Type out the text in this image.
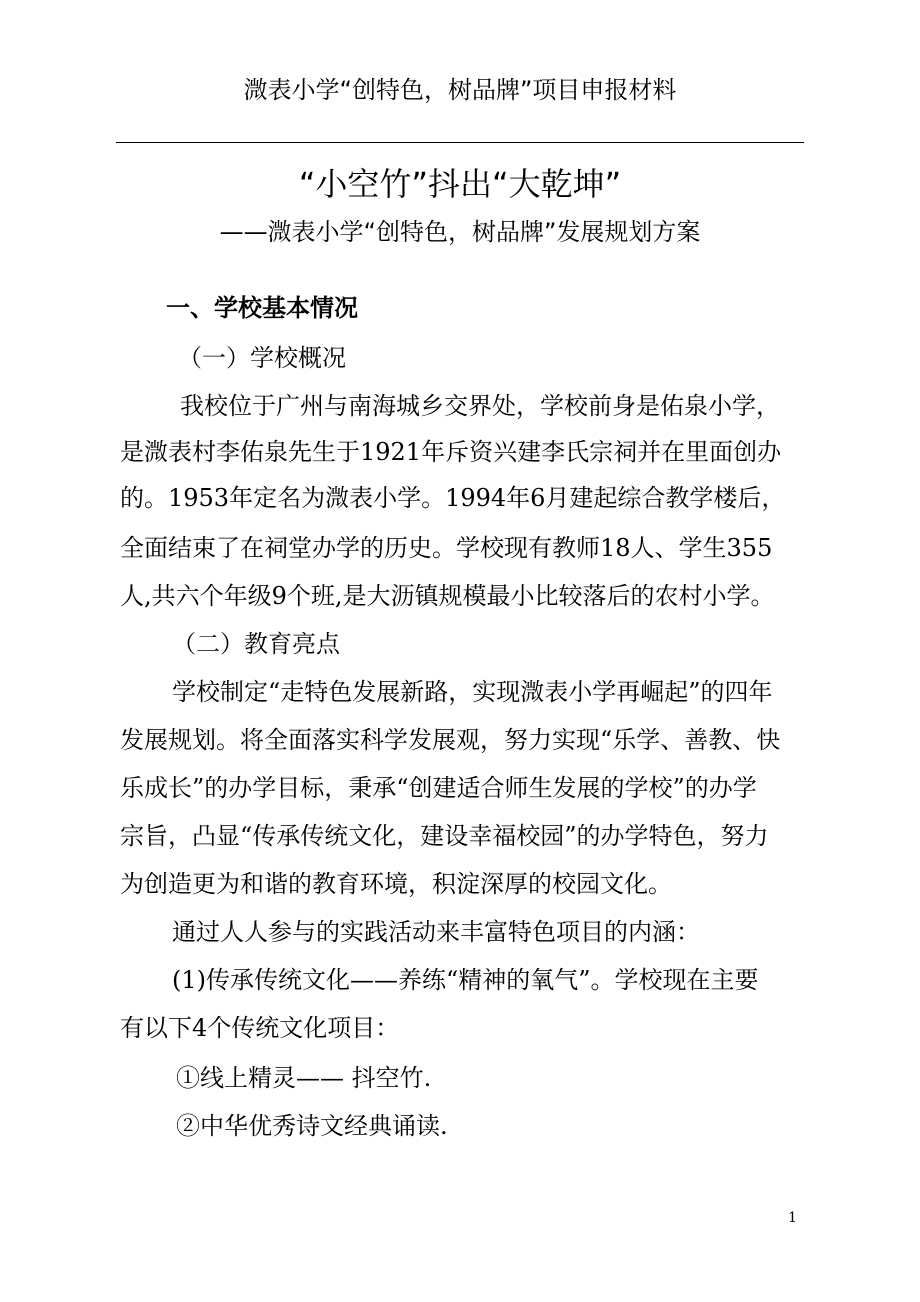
溦表小学“创特色，树品牌”项目申报材料
“小空竹”抖出“大乾坤”
——溦表小学“创特色，树品牌”发展规划方案
一、学校基本情况
（一）学校概况
我校位于广州与南海城乡交界处，学校前身是佑泉小学，
是溦表村李佑泉先生于1921年斥资兴建李氏宗祠并在里面创办
的。1953年定名为溦表小学。1994年6月建起综合教学楼后，
全面结束了在祠堂办学的历史。学校现有教师18人、学生355
人,共六个年级9个班,是大沥镇规模最小比较落后的农村小学。
（二）教育亮点
学校制定“走特色发展新路，实现溦表小学再崛起”的四年
发展规划。将全面落实科学发展观，努力实现“乐学、善教、快
乐成长”的办学目标，秉承“创建适合师生发展的学校”的办学
宗旨，凸显“传承传统文化，建设幸福校园”的办学特色，努力
为创造更为和谐的教育环境，积淀深厚的校园文化。
通过人人参与的实践活动来丰富特色项目的内涵：
(1)传承传统文化——养练“精神的氧气”。学校现在主要
有以下4个传统文化项目：
①线上精灵—— 抖空竹.
②中华优秀诗文经典诵读.
1
